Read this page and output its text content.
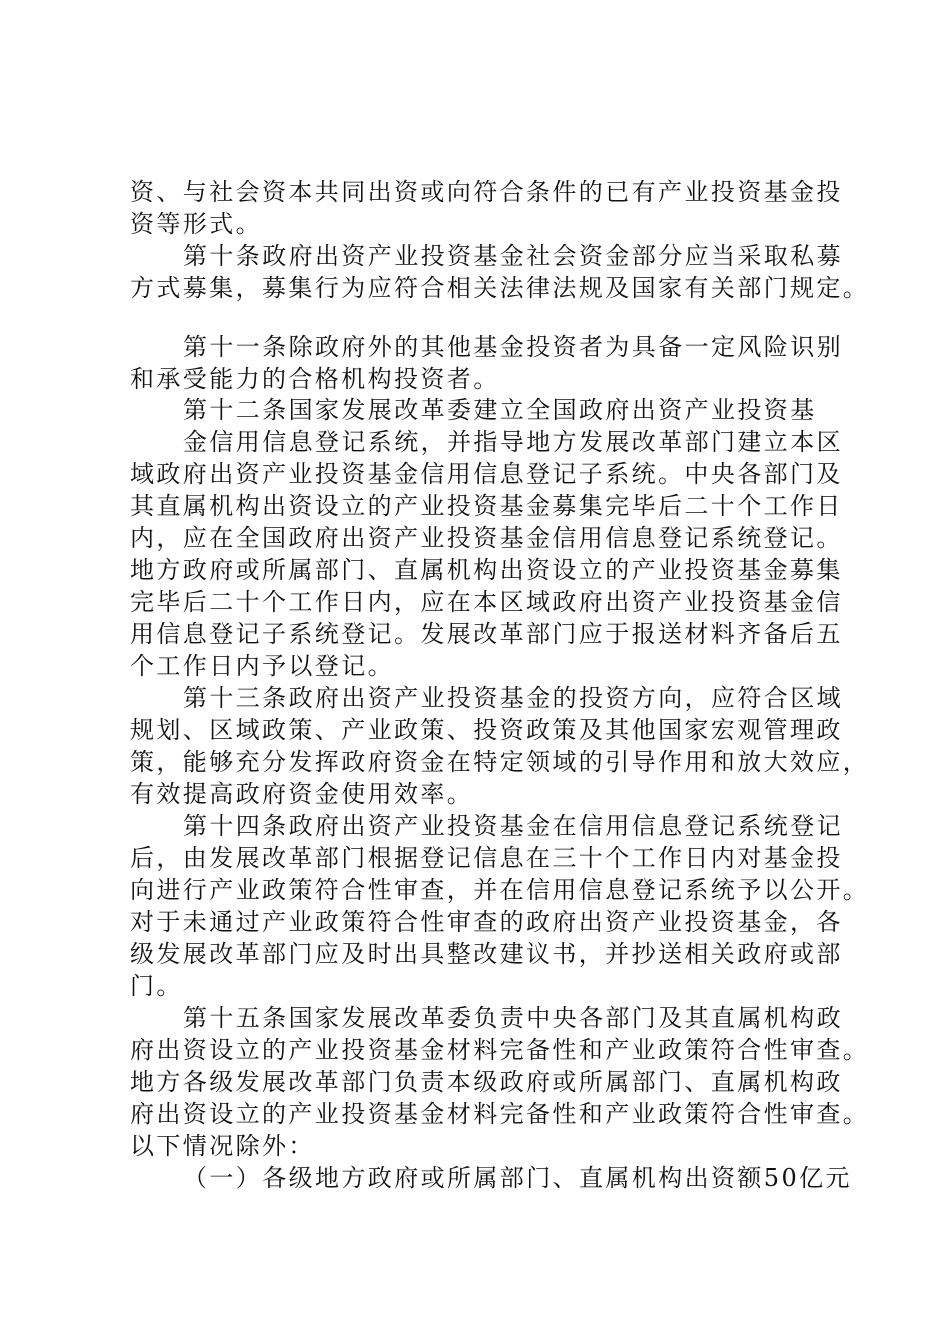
资、与社会资本共同出资或向符合条件的已有产业投资基金投
资等形式。
第十条政府出资产业投资基金社会资金部分应当采取私募
方式募集，募集行为应符合相关法律法规及国家有关部门规定。
第十一条除政府外的其他基金投资者为具备一定风险识别
和承受能力的合格机构投资者。
第十二条国家发展改革委建立全国政府出资产业投资基
金信用信息登记系统，并指导地方发展改革部门建立本区
域政府出资产业投资基金信用信息登记子系统。中央各部门及
其直属机构出资设立的产业投资基金募集完毕后二十个工作日
内，应在全国政府出资产业投资基金信用信息登记系统登记。
地方政府或所属部门、直属机构出资设立的产业投资基金募集
完毕后二十个工作日内，应在本区域政府出资产业投资基金信
用信息登记子系统登记。发展改革部门应于报送材料齐备后五
个工作日内予以登记。
第十三条政府出资产业投资基金的投资方向，应符合区域
规划、区域政策、产业政策、投资政策及其他国家宏观管理政
策，能够充分发挥政府资金在特定领域的引导作用和放大效应，
有效提高政府资金使用效率。
第十四条政府出资产业投资基金在信用信息登记系统登记
后，由发展改革部门根据登记信息在三十个工作日内对基金投
向进行产业政策符合性审查，并在信用信息登记系统予以公开。
对于未通过产业政策符合性审查的政府出资产业投资基金，各
级发展改革部门应及时出具整改建议书，并抄送相关政府或部
门。
第十五条国家发展改革委负责中央各部门及其直属机构政
府出资设立的产业投资基金材料完备性和产业政策符合性审查。
地方各级发展改革部门负责本级政府或所属部门、直属机构政
府出资设立的产业投资基金材料完备性和产业政策符合性审查。
以下情况除外：
（一）各级地方政府或所属部门、直属机构出资额50亿元
